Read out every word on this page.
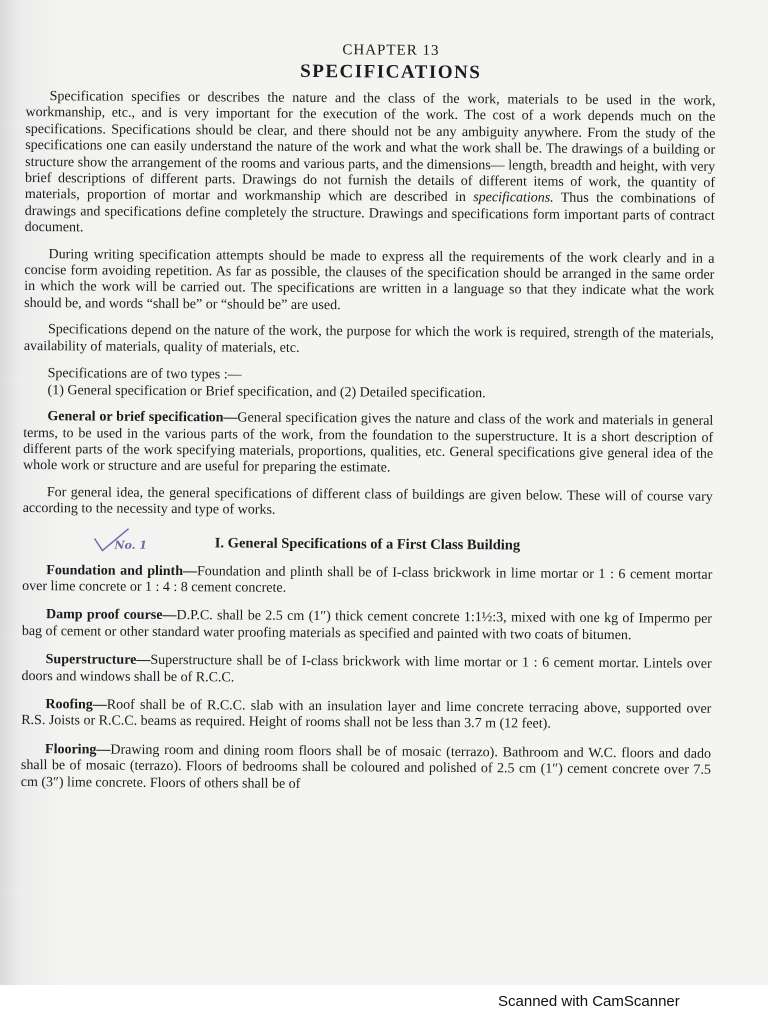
CHAPTER 13
SPECIFICATIONS

Specification specifies or describes the nature and the class of the work, materials to be used in the work, workmanship, etc., and is very important for the execution of the work. The cost of a work depends much on the specifications. Specifications should be clear, and there should not be any ambiguity anywhere. From the study of the specifications one can easily understand the nature of the work and what the work shall be. The drawings of a building or structure show the arrangement of the rooms and various parts, and the dimensions— length, breadth and height, with very brief descriptions of different parts. Drawings do not furnish the details of different items of work, the quantity of materials, proportion of mortar and workmanship which are described in specifications. Thus the combinations of drawings and specifications define completely the structure. Drawings and specifications form important parts of contract document.

During writing specification attempts should be made to express all the requirements of the work clearly and in a concise form avoiding repetition. As far as possible, the clauses of the specification should be arranged in the same order in which the work will be carried out. The specifications are written in a language so that they indicate what the work should be, and words “shall be” or “should be” are used.

Specifications depend on the nature of the work, the purpose for which the work is required, strength of the materials, availability of materials, quality of materials, etc.

Specifications are of two types :—
(1) General specification or Brief specification, and (2) Detailed specification.

General or brief specification—General specification gives the nature and class of the work and materials in general terms, to be used in the various parts of the work, from the foundation to the superstructure. It is a short description of different parts of the work specifying materials, proportions, qualities, etc. General specifications give general idea of the whole work or structure and are useful for preparing the estimate.

For general idea, the general specifications of different class of buildings are given below. These will of course vary according to the necessity and type of works.

No. 1	I. General Specifications of a First Class Building

Foundation and plinth—Foundation and plinth shall be of I-class brickwork in lime mortar or 1 : 6 cement mortar over lime concrete or 1 : 4 : 8 cement concrete.

Damp proof course—D.P.C. shall be 2.5 cm (1″) thick cement concrete 1:1½:3, mixed with one kg of Impermo per bag of cement or other standard water proofing materials as specified and painted with two coats of bitumen.

Superstructure—Superstructure shall be of I-class brickwork with lime mortar or 1 : 6 cement mortar. Lintels over doors and windows shall be of R.C.C.

Roofing—Roof shall be of R.C.C. slab with an insulation layer and lime concrete terracing above, supported over R.S. Joists or R.C.C. beams as required. Height of rooms shall not be less than 3.7 m (12 feet).

Flooring—Drawing room and dining room floors shall be of mosaic (terrazo). Bathroom and W.C. floors and dado shall be of mosaic (terrazo). Floors of bedrooms shall be coloured and polished of 2.5 cm (1″) cement concrete over 7.5 cm (3″) lime concrete. Floors of others shall be of

Scanned with CamScanner
